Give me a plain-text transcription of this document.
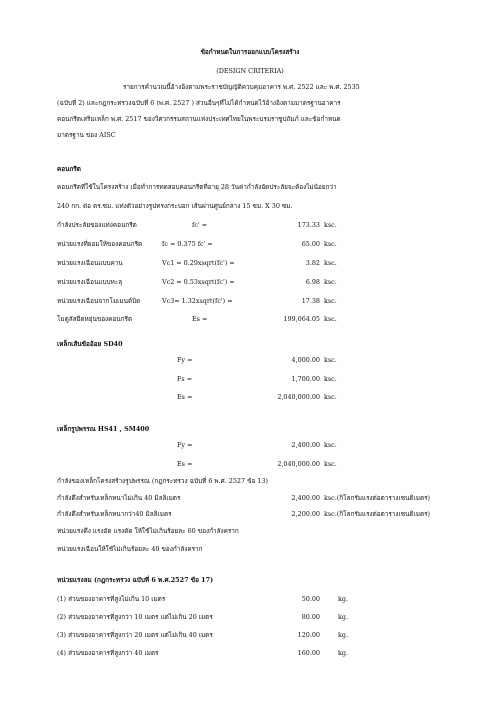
ข้อกำหนดในการออกแบบโครงสร้าง
(DESIGN CRITERIA)
รายการคำนวณนี้อ้างอิงตามพระราชบัญญัติควบคุมอาคาร พ.ศ. 2522 และ พ.ศ. 2535
(ฉบับที่ 2) และกฎกระทรวงฉบับที่ 6 (พ.ศ. 2527 ) ส่วนอื่นๆที่ไม่ได้กำหนดไว้อ้างอิงตามมาตรฐานอาคาร
คอนกรีตเสริมเหล็ก พ.ศ. 2517 ของวิศวกรรมสถานแห่งประเทศไทยในพระบรมราชูปถัมภ์ และข้อกำหนด
มาตรฐาน ของ AISC
คอนกรีต
คอนกรีตที่ใช้ในโครงสร้าง เมื่อทำการทดสอบคอนกรีตที่อายุ 28 วันค่ากำลังอัดประลัยจะต้องไม่น้อยกว่า
240 กก. ต่อ ตร.ซม. แท่งตัวอย่างรูปทรงกระบอก เส้นผ่านศูนย์กลาง 15 ซม. X 30 ซม.
กำลังประลัยของแท่งคอนกรีต	fc' =	173.33 ksc.
หน่วยแรงที่ยอมให้ของคอนกรีต	fc = 0.375 fc' =	65.00 ksc.
หน่วยแรงเฉือนแบบคาน	Vc1 = 0.29xsqrt(fc') =	3.82 ksc.
หน่วยแรงเฉือนแบบทะลุ	Vc2 = 0.53xsqrt(fc') =	6.98 ksc.
หน่วยแรงเฉือนจากโมเมนต์บิด	Vc3= 1.32xsqrt(fc') =	17.38 ksc.
โมดูลัสยืดหยุ่นของคอนกรีต	Es =	199,064.05 ksc.
เหล็กเส้นข้ออ้อย SD40
Fy =	4,000.00 ksc.
Fs =	1,700.00 ksc.
Es =	2,040,000.00 ksc.
เหล็กรูปพรรณ HS41 , SM400
Fy =	2,400.00 ksc.
Es =	2,040,000.00 ksc.
กำลังของเหล็กโครงสร้างรูปพรรณ (กฎกระทรวง ฉบับที่ 6 พ.ศ. 2527 ข้อ 13)
กำลังดึงสำหรับเหล็กหนาไม่เกิน 40 มิลลิเมตร	2,400.00 ksc.(กิโลกรัมแรงต่อตารางเซนติเมตร)
กำลังดึงสำหรับเหล็กหนากว่า40 มิลลิเมตร	2,200.00 ksc.(กิโลกรัมแรงต่อตารางเซนติเมตร)
หน่วยแรงดึง แรงอัด แรงดัด ให้ใช้ไม่เกินร้อยละ 60 ของกำลังคราก
หน่วยแรงเฉือนให้ใช้ไม่เกินร้อยละ 40 ของกำลังคราก
หน่วยแรงลม (กฎกระทรวง ฉบับที่ 6 พ.ศ.2527 ข้อ 17)
(1) ส่วนของอาคารที่สูงไม่เกิน 10 เมตร	50.00	kg.
(2) ส่วนของอาคารที่สูงกว่า 10 เมตร แต่ไม่เกิน 20 เมตร	80.00	kg.
(3) ส่วนของอาคารที่สูงกว่า 20 เมตร แต่ไม่เกิน 40 เมตร	120.00	kg.
(4) ส่วนของอาคารที่สูงกว่า 40 เมตร	160.00	kg.
